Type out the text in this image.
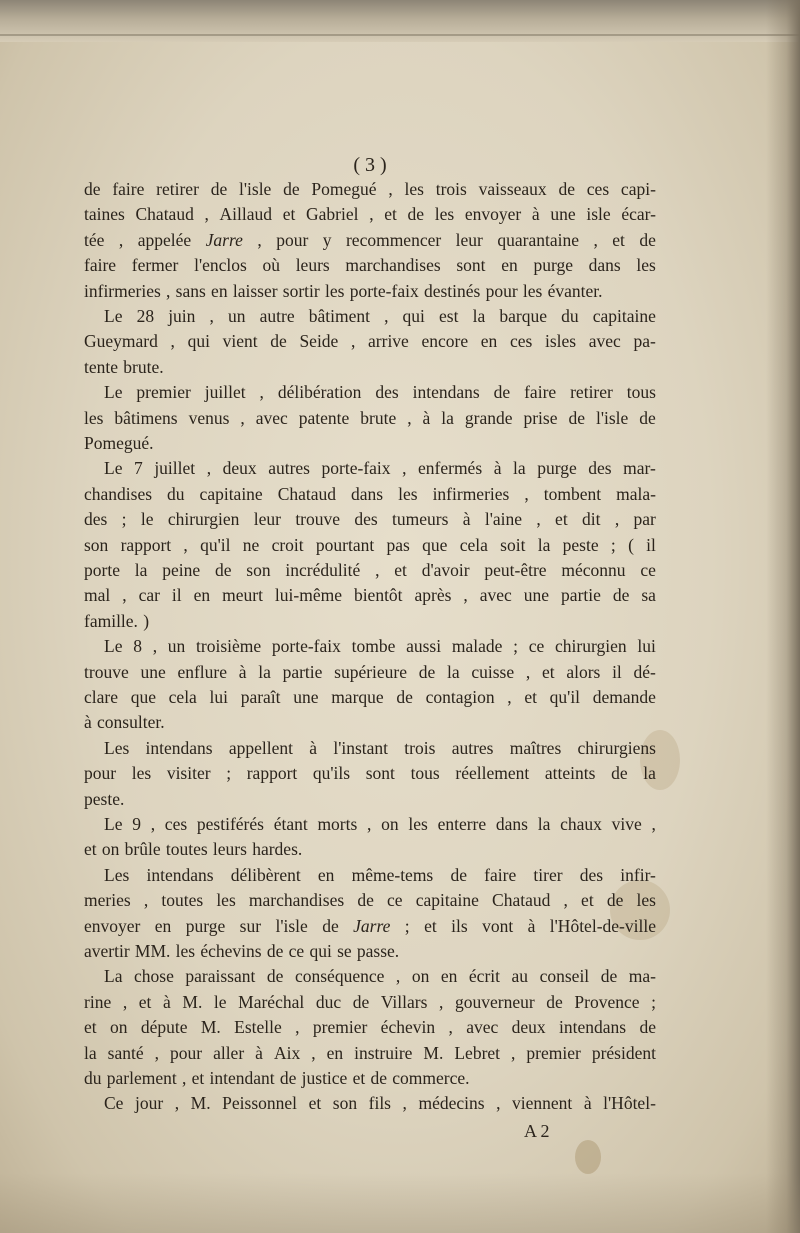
( 3 )
de faire retirer de l'isle de Pomegué , les trois vaisseaux de ces capi-
taines Chataud , Aillaud et Gabriel , et de les envoyer à une isle écar-
tée , appelée Jarre , pour y recommencer leur quarantaine , et de
faire fermer l'enclos où leurs marchandises sont en purge dans les
infirmeries , sans en laisser sortir les porte-faix destinés pour les évanter.
Le 28 juin , un autre bâtiment , qui est la barque du capitaine
Gueymard , qui vient de Seide , arrive encore en ces isles avec pa-
tente brute.
Le premier juillet , délibération des intendans de faire retirer tous
les bâtimens venus , avec patente brute , à la grande prise de l'isle de
Pomegué.
Le 7 juillet , deux autres porte-faix , enfermés à la purge des mar-
chandises du capitaine Chataud dans les infirmeries , tombent mala-
des ; le chirurgien leur trouve des tumeurs à l'aine , et dit , par
son rapport , qu'il ne croit pourtant pas que cela soit la peste ; ( il
porte la peine de son incrédulité , et d'avoir peut-être méconnu ce
mal , car il en meurt lui-même bientôt après , avec une partie de sa
famille. )
Le 8 , un troisième porte-faix tombe aussi malade ; ce chirurgien lui
trouve une enflure à la partie supérieure de la cuisse , et alors il dé-
clare que cela lui paraît une marque de contagion , et qu'il demande
à consulter.
Les intendans appellent à l'instant trois autres maîtres chirurgiens
pour les visiter ; rapport qu'ils sont tous réellement atteints de la
peste.
Le 9 , ces pestiférés étant morts , on les enterre dans la chaux vive ,
et on brûle toutes leurs hardes.
Les intendans délibèrent en même-tems de faire tirer des infir-
meries , toutes les marchandises de ce capitaine Chataud , et de les
envoyer en purge sur l'isle de Jarre ; et ils vont à l'Hôtel-de-ville
avertir MM. les échevins de ce qui se passe.
La chose paraissant de conséquence , on en écrit au conseil de ma-
rine , et à M. le Maréchal duc de Villars , gouverneur de Provence ;
et on députe M. Estelle , premier échevin , avec deux intendans de
la santé , pour aller à Aix , en instruire M. Lebret , premier président
du parlement , et intendant de justice et de commerce.
Ce jour , M. Peissonnel et son fils , médecins , viennent à l'Hôtel-
A 2
